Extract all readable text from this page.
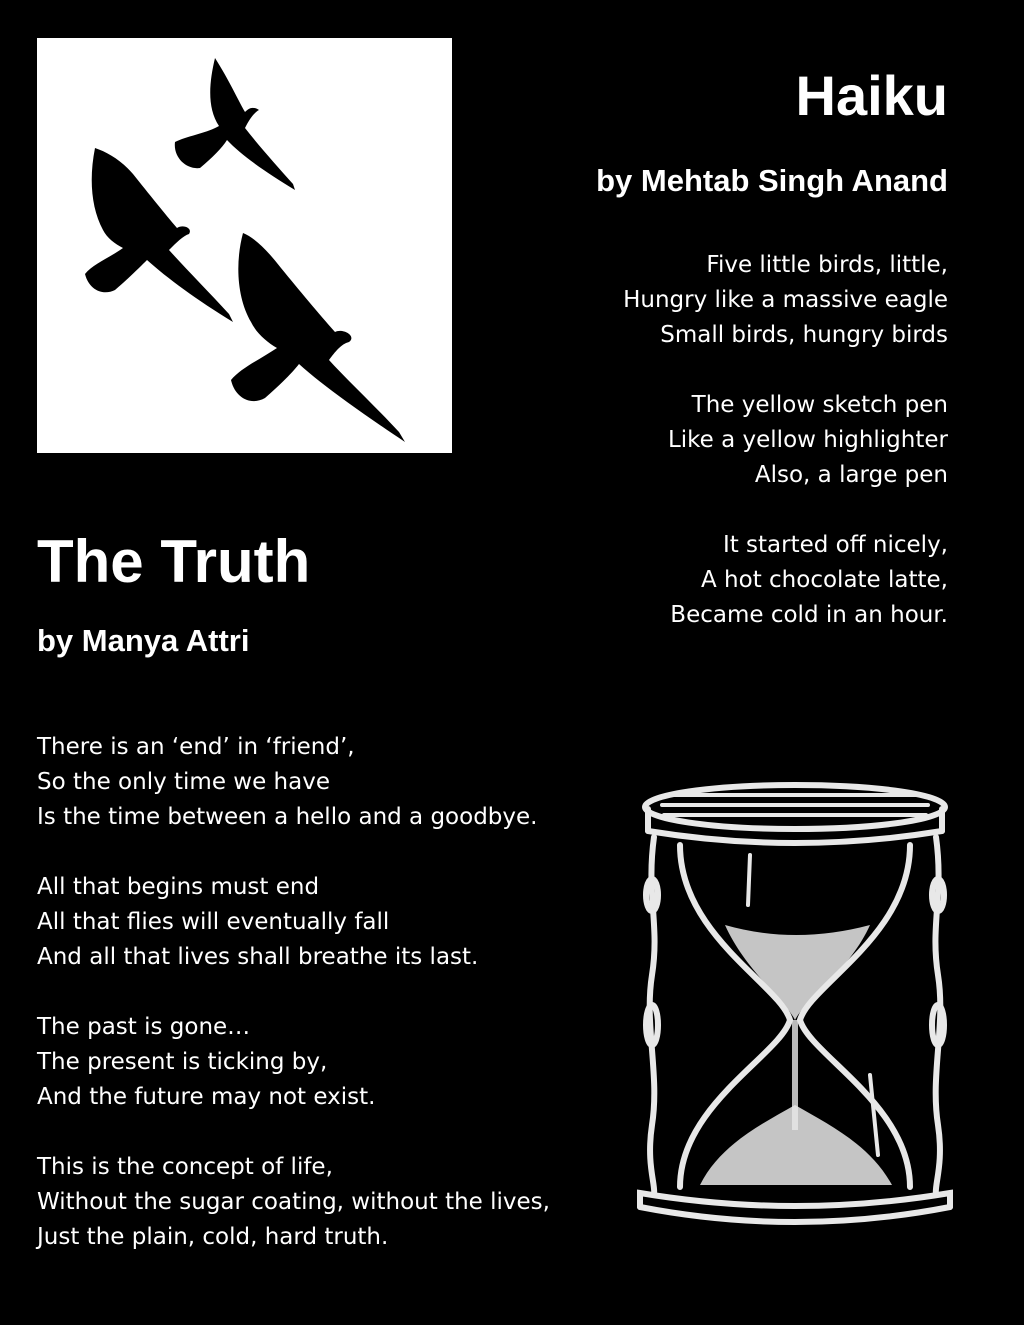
Haiku
by Mehtab Singh Anand
Five little birds, little,
Hungry like a massive eagle
Small birds, hungry birds
The yellow sketch pen
Like a yellow highlighter
Also, a large pen
It started off nicely,
A hot chocolate latte,
Became cold in an hour.
The Truth
by Manya Attri
There is an ‘end’ in ‘friend’,
So the only time we have
Is the time between a hello and a goodbye.
All that begins must end
All that flies will eventually fall
And all that lives shall breathe its last.
The past is gone…
The present is ticking by,
And the future may not exist.
This is the concept of life,
Without the sugar coating, without the lives,
Just the plain, cold, hard truth.
